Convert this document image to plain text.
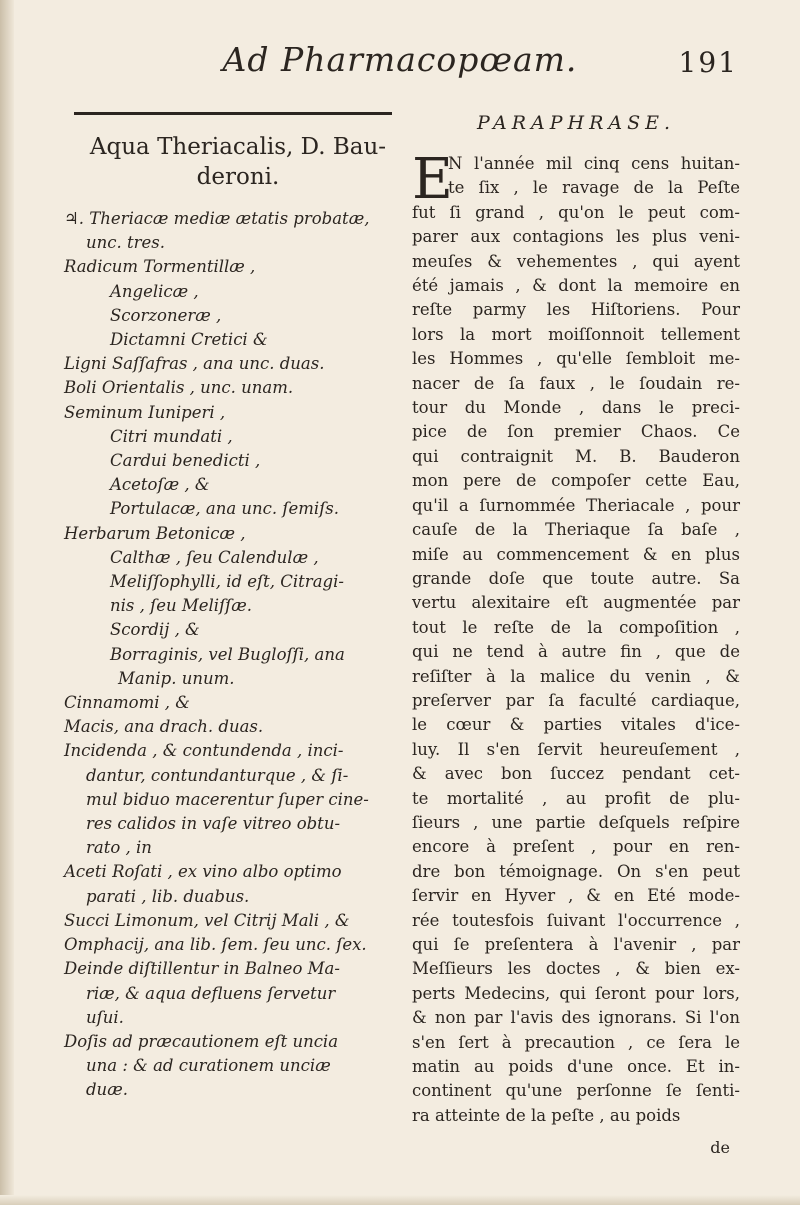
Ad Pharmacopœam.	191
Aqua Theriacalis, D. Bau-
deroni.
♃. Theriacæ mediæ ætatis probatæ,
unc. tres.
Radicum Tormentillæ ,
Angelicæ ,
Scorzoneræ ,
Dictamni Cretici &
Ligni Saſſafras , ana unc. duas.
Boli Orientalis , unc. unam.
Seminum Iuniperi ,
Citri mundati ,
Cardui benedicti ,
Acetoſæ , &
Portulacæ, ana unc. ſemiſs.
Herbarum Betonicæ ,
Calthæ , ſeu Calendulæ ,
Meliſſophylli, id eſt, Citragi-
nis , ſeu Meliſſæ.
Scordij , &
Borraginis, vel Bugloſſi, ana
Manip. unum.
Cinnamomi , &
Macis, ana drach. duas.
Incidenda , & contundenda , inci-
dantur, contundanturque , & ſi-
mul biduo macerentur ſuper cine-
res calidos in vaſe vitreo obtu-
rato , in
Aceti Roſati , ex vino albo optimo
parati , lib. duabus.
Succi Limonum, vel Citrij Mali , &
Omphacij, ana lib. ſem. ſeu unc. ſex.
Deinde diſtillentur in Balneo Ma-
riæ, & aqua defluens ſervetur
uſui.
Doſis ad præcautionem eſt uncia
una : & ad curationem unciæ
duæ.
PARAPHRASE.
E
N l'année mil cinq cens huitan-
te ſix , le ravage de la Peſte
fut ſi grand , qu'on le peut com-
parer aux contagions les plus veni-
meuſes & vehementes , qui ayent
été jamais , & dont la memoire en
reſte parmy les Hiſtoriens. Pour
lors la mort moiſſonnoit tellement
les Hommes , qu'elle ſembloit me-
nacer de ſa faux , le ſoudain re-
tour du Monde , dans le preci-
pice de ſon premier Chaos. Ce
qui contraignit M. B. Bauderon
mon pere de compoſer cette Eau,
qu'il a ſurnommée Theriacale , pour
cauſe de la Theriaque ſa baſe ,
miſe au commencement & en plus
grande doſe que toute autre. Sa
vertu alexitaire eſt augmentée par
tout le reſte de la compoſition ,
qui ne tend à autre fin , que de
reſiſter à la malice du venin , &
preſerver par ſa faculté cardiaque,
le cœur & parties vitales d'ice-
luy. Il s'en ſervit heureuſement ,
& avec bon ſuccez pendant cet-
te mortalité , au profit de plu-
ſieurs , une partie deſquels reſpire
encore à preſent , pour en ren-
dre bon témoignage. On s'en peut
ſervir en Hyver , & en Eté mode-
rée toutesfois ſuivant l'occurrence ,
qui ſe preſentera à l'avenir , par
Meſſieurs les doctes , & bien ex-
perts Medecins, qui ſeront pour lors,
& non par l'avis des ignorans. Si l'on
s'en ſert à precaution , ce ſera le
matin au poids d'une once. Et in-
continent qu'une perſonne ſe ſenti-
ra atteinte de la peſte , au poids
de
